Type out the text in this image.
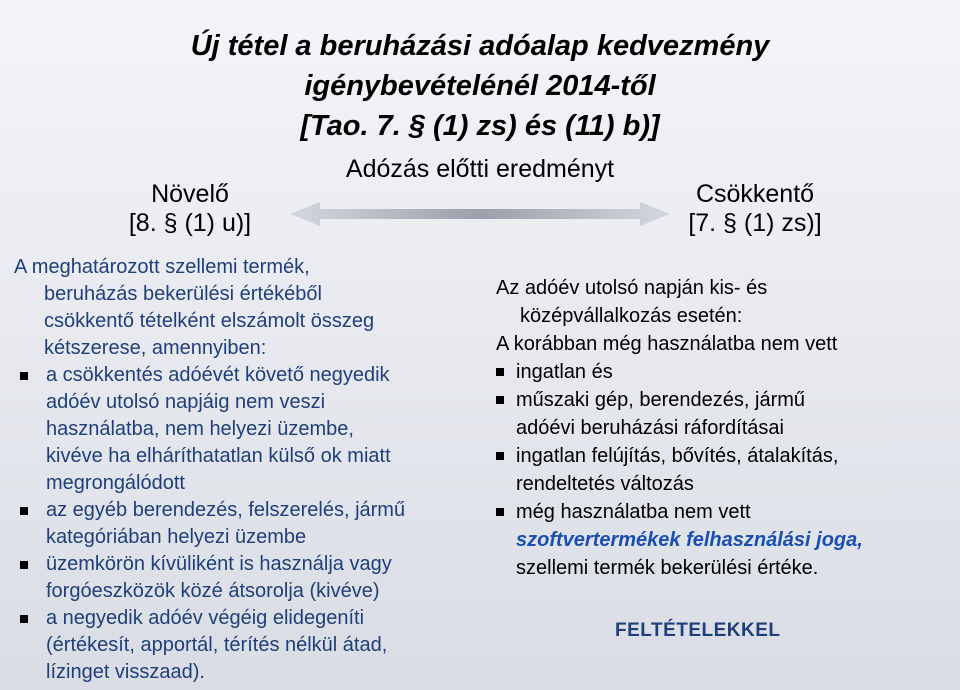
Új tétel a beruházási adóalap kedvezmény
igénybevételénél 2014-től
[Tao. 7. § (1) zs) és (11) b)]
Adózás előtti eredményt
Növelő
[8. § (1) u)]
Csökkentő
[7. § (1) zs)]
A meghatározott szellemi termék,
beruházás bekerülési értékéből
csökkentő tételként elszámolt összeg
kétszerese, amennyiben:
a csökkentés adóévét követő negyedik
adóév utolsó napjáig nem veszi
használatba, nem helyezi üzembe,
kivéve ha elháríthatatlan külső ok miatt
megrongálódott
az egyéb berendezés, felszerelés, jármű
kategóriában helyezi üzembe
üzemkörön kívüliként is használja vagy
forgóeszközök közé átsorolja (kivéve)
a negyedik adóév végéig elidegeníti
(értékesít, apportál, térítés nélkül átad,
lízinget visszaad).
Az adóév utolsó napján kis- és
középvállalkozás esetén:
A korábban még használatba nem vett
ingatlan és
műszaki gép, berendezés, jármű
adóévi beruházási ráfordításai
ingatlan felújítás, bővítés, átalakítás,
rendeltetés változás
még használatba nem vett
szoftvertermékek felhasználási joga,
szellemi termék bekerülési értéke.
FELTÉTELEKKEL
